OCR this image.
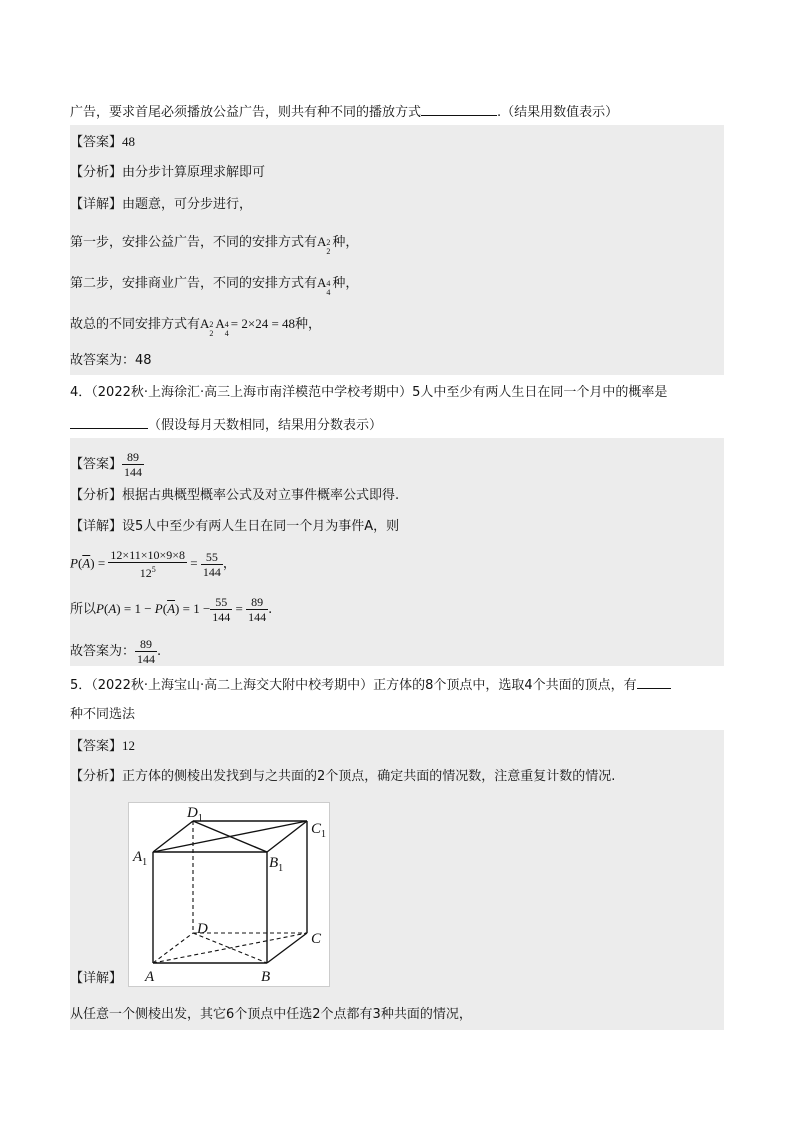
广告，要求首尾必须播放公益广告，则共有种不同的播放方式	.（结果用数值表示）
【答案】48
【分析】由分步计算原理求解即可
【详解】由题意，可分步进行，
第一步，安排公益广告，不同的安排方式有A 2
2
种，
第二步，安排商业广告，不同的安排方式有A 4
4
种，
故总的不同安排方式有A 2
2
A 4
4
= 2×24 = 48种，
故答案为：48
4．（2022秋·上海徐汇·高三上海市南洋模范中学校考期中）5人中至少有两人生日在同一个月中的概率是
（假设每月天数相同，结果用分数表示）
【答案】 $\frac{89}{144}$
【分析】根据古典概型概率公式及对立事件概率公式即得.
【详解】设5人中至少有两人生日在同一个月为事件A，则
$P(\overline{A}) = \frac{12\times 11\times 10\times 9\times 8}{12^5} = \frac{55}{144}$ ，
所以$P(A) = 1 - P(\overline{A}) = 1 - \frac{55}{144} = \frac{89}{144}$ .
故答案为： $\frac{89}{144}$ .
5．（2022秋·上海宝山·高二上海交大附中校考期中）正方体的8个顶点中，选取4个共面的顶点，有
种不同选法
【答案】12
【分析】正方体的侧棱出发找到与之共面的2个顶点，确定共面的情况数，注意重复计数的情况.
$D_1$
$C_1$
$A_1$	$B_1$
D
C
A	B
【详解】
从任意一个侧棱出发，其它6个顶点中任选2个点都有3种共面的情况，
